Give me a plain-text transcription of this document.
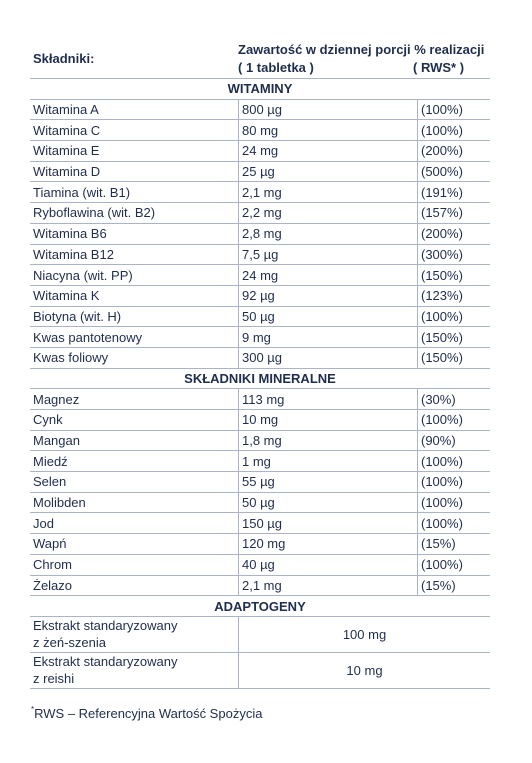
Składniki:
Zawartość w dziennej porcji % realizacji
( 1 tabletka )	( RWS* )
WITAMINY		
Witamina A	800 µg	(100%)
Witamina C	80 mg	(100%)
Witamina E	24 mg	(200%)
Witamina D	25 µg	(500%)
Tiamina (wit. B1)	2,1 mg	(191%)
Ryboflawina (wit. B2)	2,2 mg	(157%)
Witamina B6	2,8 mg	(200%)
Witamina B12	7,5 µg	(300%)
Niacyna (wit. PP)	24 mg	(150%)
Witamina K	92 µg	(123%)
Biotyna (wit. H)	50 µg	(100%)
Kwas pantotenowy	9 mg	(150%)
Kwas foliowy	300 µg	(150%)
SKŁADNIKI MINERALNE		
Magnez	113 mg	(30%)
Cynk	10 mg	(100%)
Mangan	1,8 mg	(90%)
Miedź	1 mg	(100%)
Selen	55 µg	(100%)
Molibden	50 µg	(100%)
Jod	150 µg	(100%)
Wapń	120 mg	(15%)
Chrom	40 µg	(100%)
Żelazo	2,1 mg	(15%)
ADAPTOGENY		

Ekstrakt standaryzowany
z żeń-szenia	100 mg	

Ekstrakt standaryzowany
z reishi	10 mg	
*RWS – Referencyjna Wartość Spożycia
